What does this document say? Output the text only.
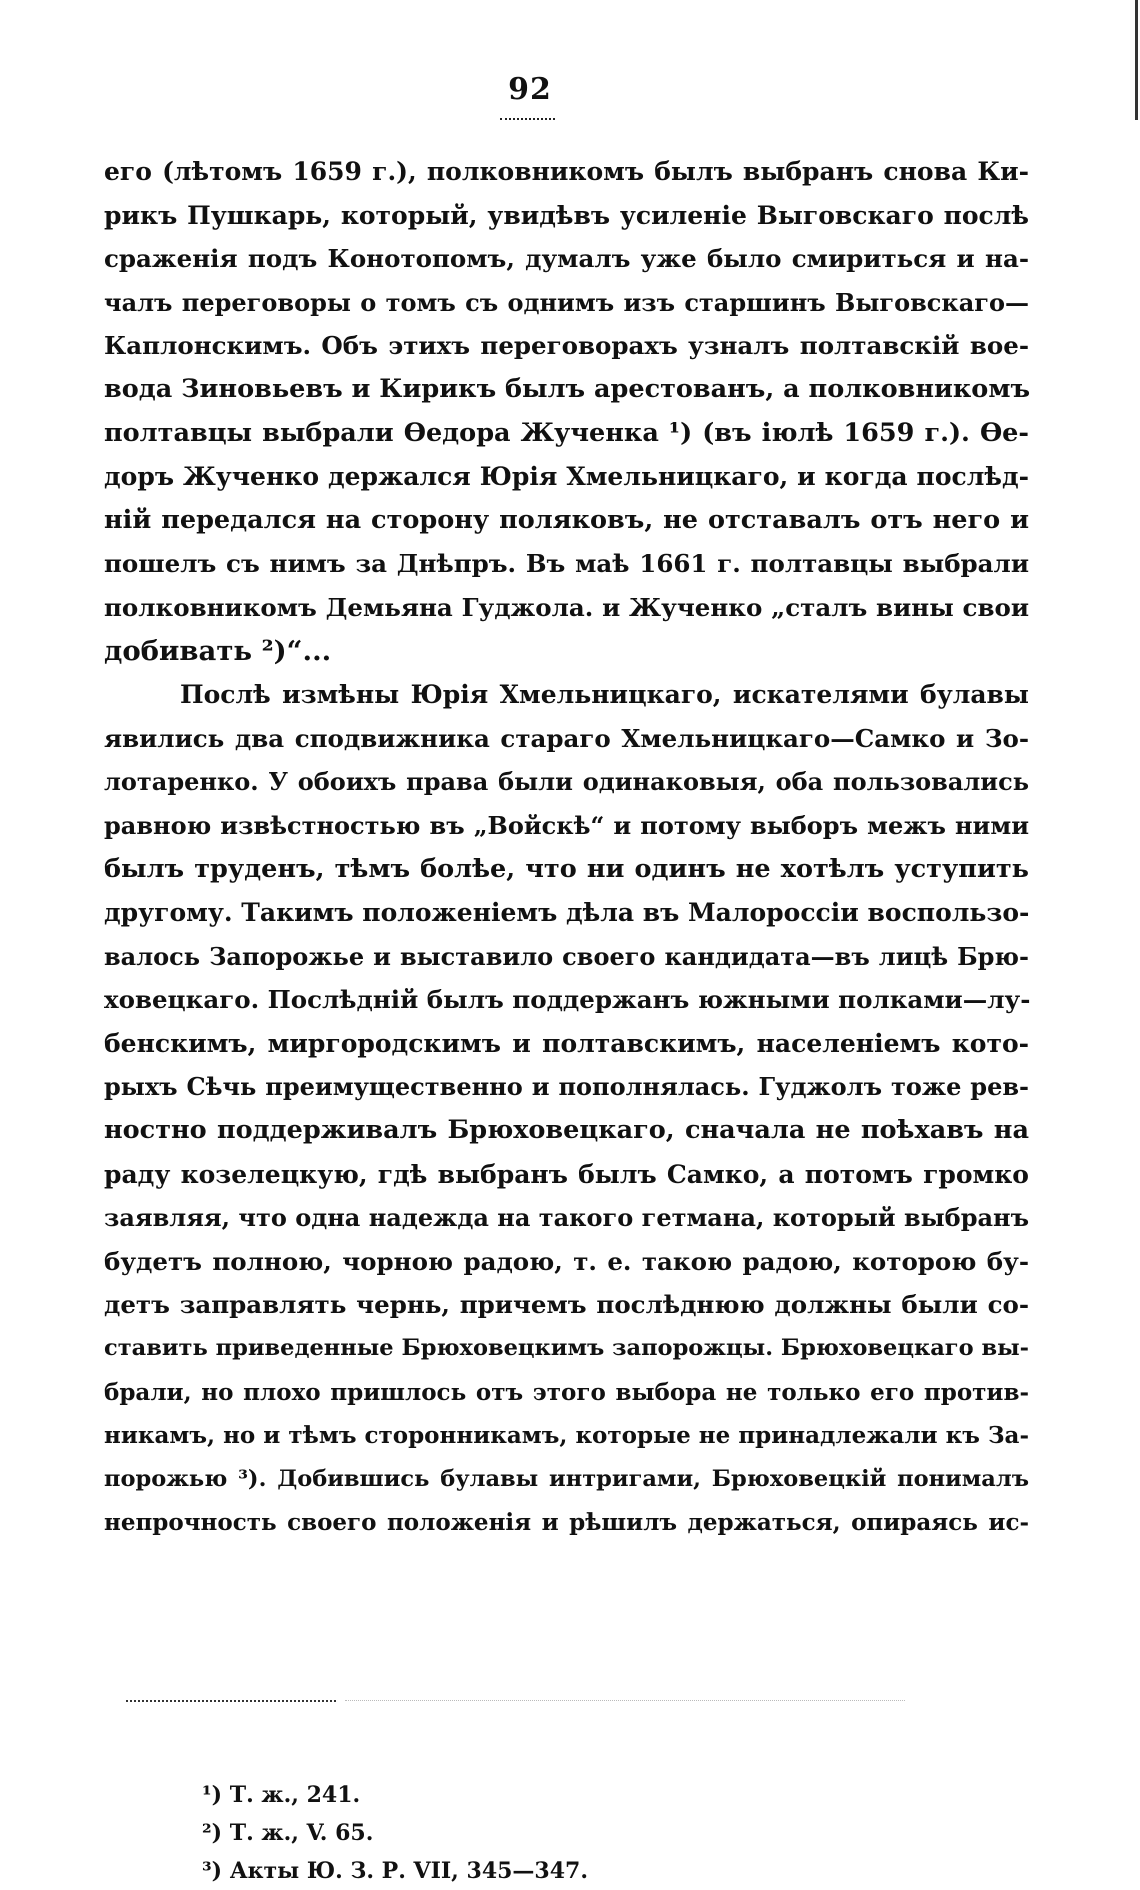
92
его (лѣтомъ 1659 г.), полковникомъ былъ выбранъ снова Ки-
рикъ Пушкарь, который, увидѣвъ усиленіе Выговскаго послѣ
сраженія подъ Конотопомъ, думалъ уже было смириться и на-
чалъ переговоры о томъ съ однимъ изъ старшинъ Выговскаго—
Каплонскимъ. Объ этихъ переговорахъ узналъ полтавскій вое-
вода Зиновьевъ и Кирикъ былъ арестованъ, а полковникомъ
полтавцы выбрали Өедора Жученка ¹) (въ іюлѣ 1659 г.). Өе-
доръ Жученко держался Юрія Хмельницкаго, и когда послѣд-
ній передался на сторону поляковъ, не отставалъ отъ него и
пошелъ съ нимъ за Днѣпръ. Въ маѣ 1661 г. полтавцы выбрали
полковникомъ Демьяна Гуджола. и Жученко „сталъ вины свои
добивать ²)“...
Послѣ измѣны Юрія Хмельницкаго, искателями булавы
явились два сподвижника стараго Хмельницкаго—Самко и Зо-
лотаренко. У обоихъ права были одинаковыя, оба пользовались
равною извѣстностью въ „Войскѣ“ и потому выборъ межъ ними
былъ труденъ, тѣмъ болѣе, что ни одинъ не хотѣлъ уступить
другому. Такимъ положеніемъ дѣла въ Малороссіи воспользо-
валось Запорожье и выставило своего кандидата—въ лицѣ Брю-
ховецкаго. Послѣдній былъ поддержанъ южными полками—лу-
бенскимъ, миргородскимъ и полтавскимъ, населеніемъ кото-
рыхъ Сѣчь преимущественно и пополнялась. Гуджолъ тоже рев-
ностно поддерживалъ Брюховецкаго, сначала не поѣхавъ на
раду козелецкую, гдѣ выбранъ былъ Самко, а потомъ громко
заявляя, что одна надежда на такого гетмана, который выбранъ
будетъ полною, чорною радою, т. е. такою радою, которою бу-
детъ заправлять чернь, причемъ послѣднюю должны были со-
ставить приведенные Брюховецкимъ запорожцы. Брюховецкаго вы-
брали, но плохо пришлось отъ этого выбора не только его против-
никамъ, но и тѣмъ сторонникамъ, которые не принадлежали къ За-
порожью ³). Добившись булавы интригами, Брюховецкій понималъ
непрочность своего положенія и рѣшилъ держаться, опираясь ис-
¹) Т. ж., 241.
²) Т. ж., V. 65.
³) Акты Ю. З. Р. VII, 345—347.
